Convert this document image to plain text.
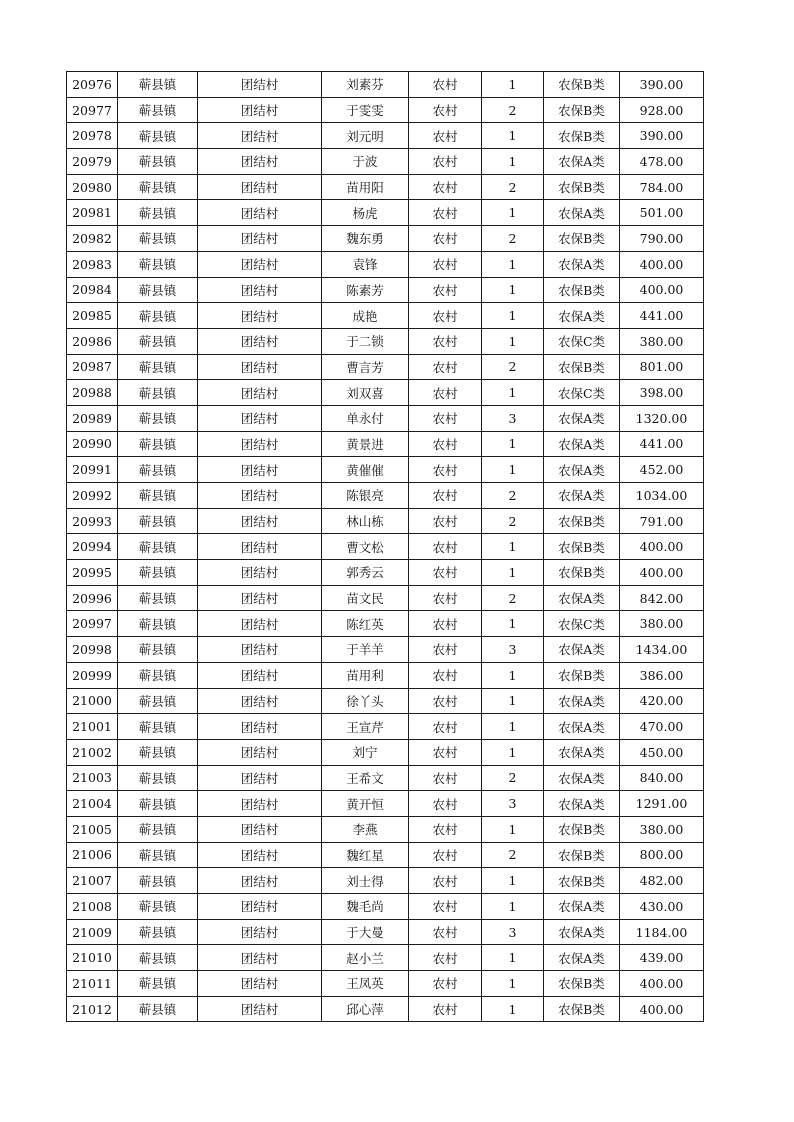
20976	蕲县镇	团结村	刘素芬	农村	1	农保B类	390.00
20977	蕲县镇	团结村	于雯雯	农村	2	农保B类	928.00
20978	蕲县镇	团结村	刘元明	农村	1	农保B类	390.00
20979	蕲县镇	团结村	于波	农村	1	农保A类	478.00
20980	蕲县镇	团结村	苗用阳	农村	2	农保B类	784.00
20981	蕲县镇	团结村	杨虎	农村	1	农保A类	501.00
20982	蕲县镇	团结村	魏东勇	农村	2	农保B类	790.00
20983	蕲县镇	团结村	袁锋	农村	1	农保A类	400.00
20984	蕲县镇	团结村	陈素芳	农村	1	农保B类	400.00
20985	蕲县镇	团结村	成艳	农村	1	农保A类	441.00
20986	蕲县镇	团结村	于二锁	农村	1	农保C类	380.00
20987	蕲县镇	团结村	曹言芳	农村	2	农保B类	801.00
20988	蕲县镇	团结村	刘双喜	农村	1	农保C类	398.00
20989	蕲县镇	团结村	单永付	农村	3	农保A类	1320.00
20990	蕲县镇	团结村	黄景进	农村	1	农保A类	441.00
20991	蕲县镇	团结村	黄催催	农村	1	农保A类	452.00
20992	蕲县镇	团结村	陈银亮	农村	2	农保A类	1034.00
20993	蕲县镇	团结村	林山栋	农村	2	农保B类	791.00
20994	蕲县镇	团结村	曹文松	农村	1	农保B类	400.00
20995	蕲县镇	团结村	郭秀云	农村	1	农保B类	400.00
20996	蕲县镇	团结村	苗文民	农村	2	农保A类	842.00
20997	蕲县镇	团结村	陈红英	农村	1	农保C类	380.00
20998	蕲县镇	团结村	于羊羊	农村	3	农保A类	1434.00
20999	蕲县镇	团结村	苗用利	农村	1	农保B类	386.00
21000	蕲县镇	团结村	徐丫头	农村	1	农保A类	420.00
21001	蕲县镇	团结村	王宣芹	农村	1	农保A类	470.00
21002	蕲县镇	团结村	刘宁	农村	1	农保A类	450.00
21003	蕲县镇	团结村	王希文	农村	2	农保A类	840.00
21004	蕲县镇	团结村	黄开恒	农村	3	农保A类	1291.00
21005	蕲县镇	团结村	李燕	农村	1	农保B类	380.00
21006	蕲县镇	团结村	魏红星	农村	2	农保B类	800.00
21007	蕲县镇	团结村	刘士得	农村	1	农保B类	482.00
21008	蕲县镇	团结村	魏毛尚	农村	1	农保A类	430.00
21009	蕲县镇	团结村	于大曼	农村	3	农保A类	1184.00
21010	蕲县镇	团结村	赵小兰	农村	1	农保A类	439.00
21011	蕲县镇	团结村	王凤英	农村	1	农保B类	400.00
21012	蕲县镇	团结村	邱心萍	农村	1	农保B类	400.00
